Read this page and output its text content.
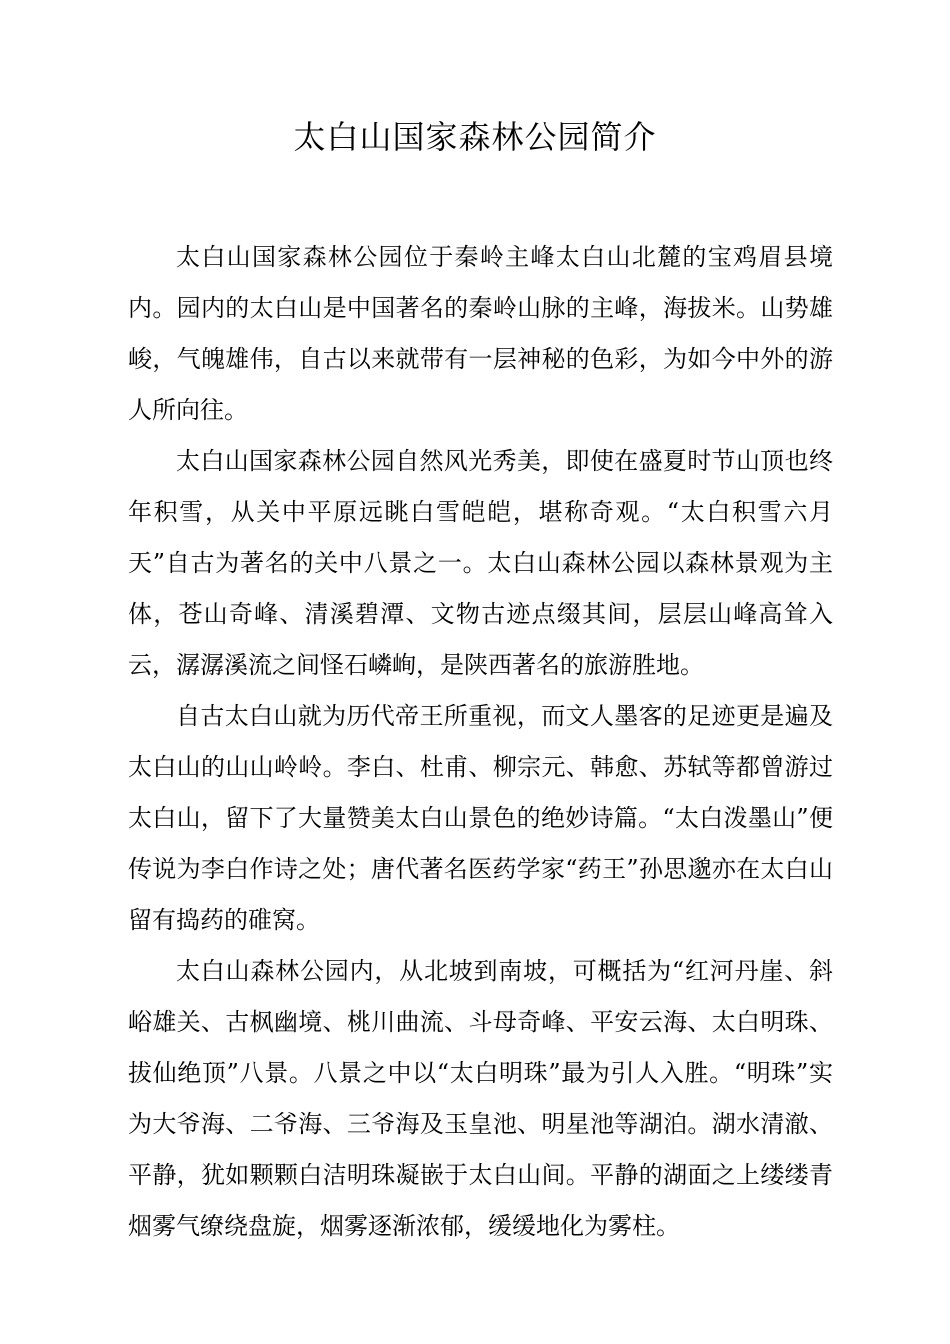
太白山国家森林公园简介

太白山国家森林公园位于秦岭主峰太白山北麓的宝鸡眉县境内。园内的太白山是中国著名的秦岭山脉的主峰，海拔米。山势雄峻，气魄雄伟，自古以来就带有一层神秘的色彩，为如今中外的游人所向往。

太白山国家森林公园自然风光秀美，即使在盛夏时节山顶也终年积雪，从关中平原远眺白雪皑皑，堪称奇观。“太白积雪六月天”自古为著名的关中八景之一。太白山森林公园以森林景观为主体，苍山奇峰、清溪碧潭、文物古迹点缀其间，层层山峰高耸入云，潺潺溪流之间怪石嶙峋，是陕西著名的旅游胜地。

自古太白山就为历代帝王所重视，而文人墨客的足迹更是遍及太白山的山山岭岭。李白、杜甫、柳宗元、韩愈、苏轼等都曾游过太白山，留下了大量赞美太白山景色的绝妙诗篇。“太白泼墨山”便传说为李白作诗之处；唐代著名医药学家“药王”孙思邈亦在太白山留有捣药的碓窝。

太白山森林公园内，从北坡到南坡，可概括为“红河丹崖、斜峪雄关、古枫幽境、桃川曲流、斗母奇峰、平安云海、太白明珠、拔仙绝顶”八景。八景之中以“太白明珠”最为引人入胜。“明珠”实为大爷海、二爷海、三爷海及玉皇池、明星池等湖泊。湖水清澈、平静，犹如颗颗白洁明珠凝嵌于太白山间。平静的湖面之上缕缕青烟雾气缭绕盘旋，烟雾逐渐浓郁，缓缓地化为雾柱。
